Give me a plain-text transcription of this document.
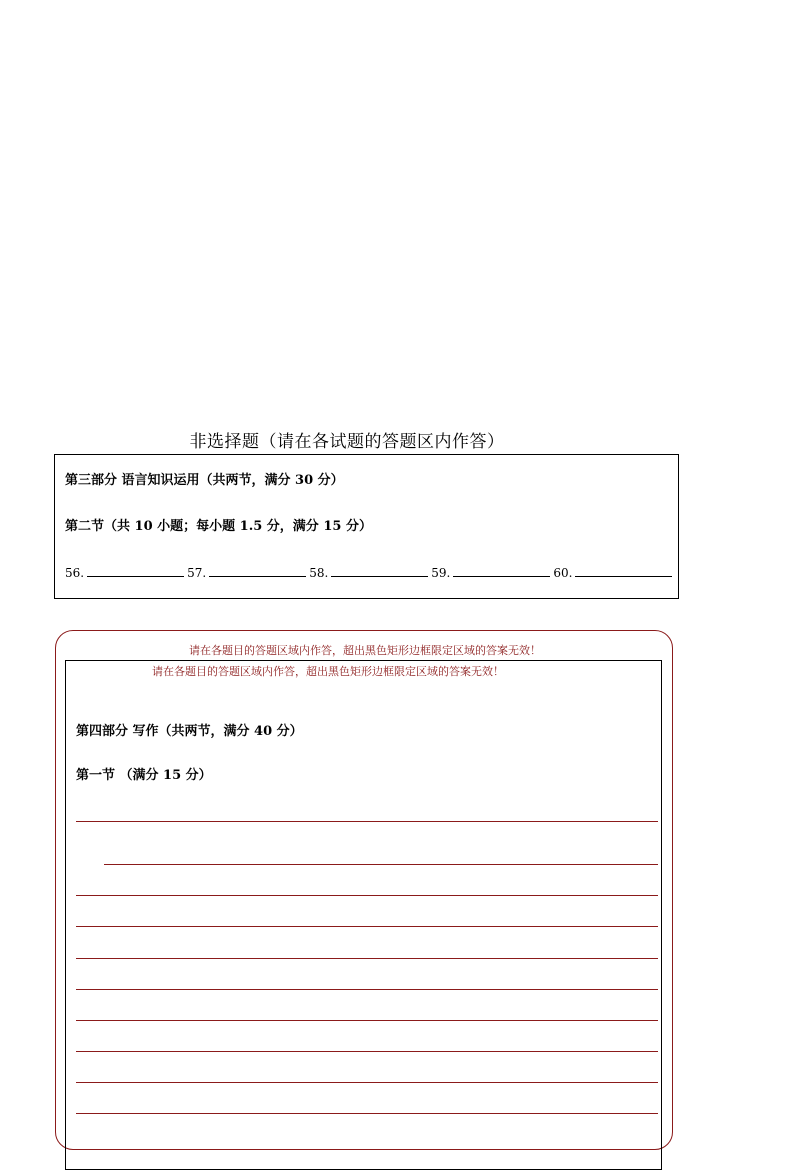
非选择题（请在各试题的答题区内作答）
第三部分 语言知识运用（共两节，满分 30 分）
第二节（共 10 小题；每小题 1.5 分，满分 15 分）
56.	57.	58.	59.	60.
请在各题目的答题区域内作答，超出黑色矩形边框限定区域的答案无效！
请在各题目的答题区域内作答，超出黑色矩形边框限定区域的答案无效！
第四部分 写作（共两节，满分 40 分）
第一节 （满分 15 分）
